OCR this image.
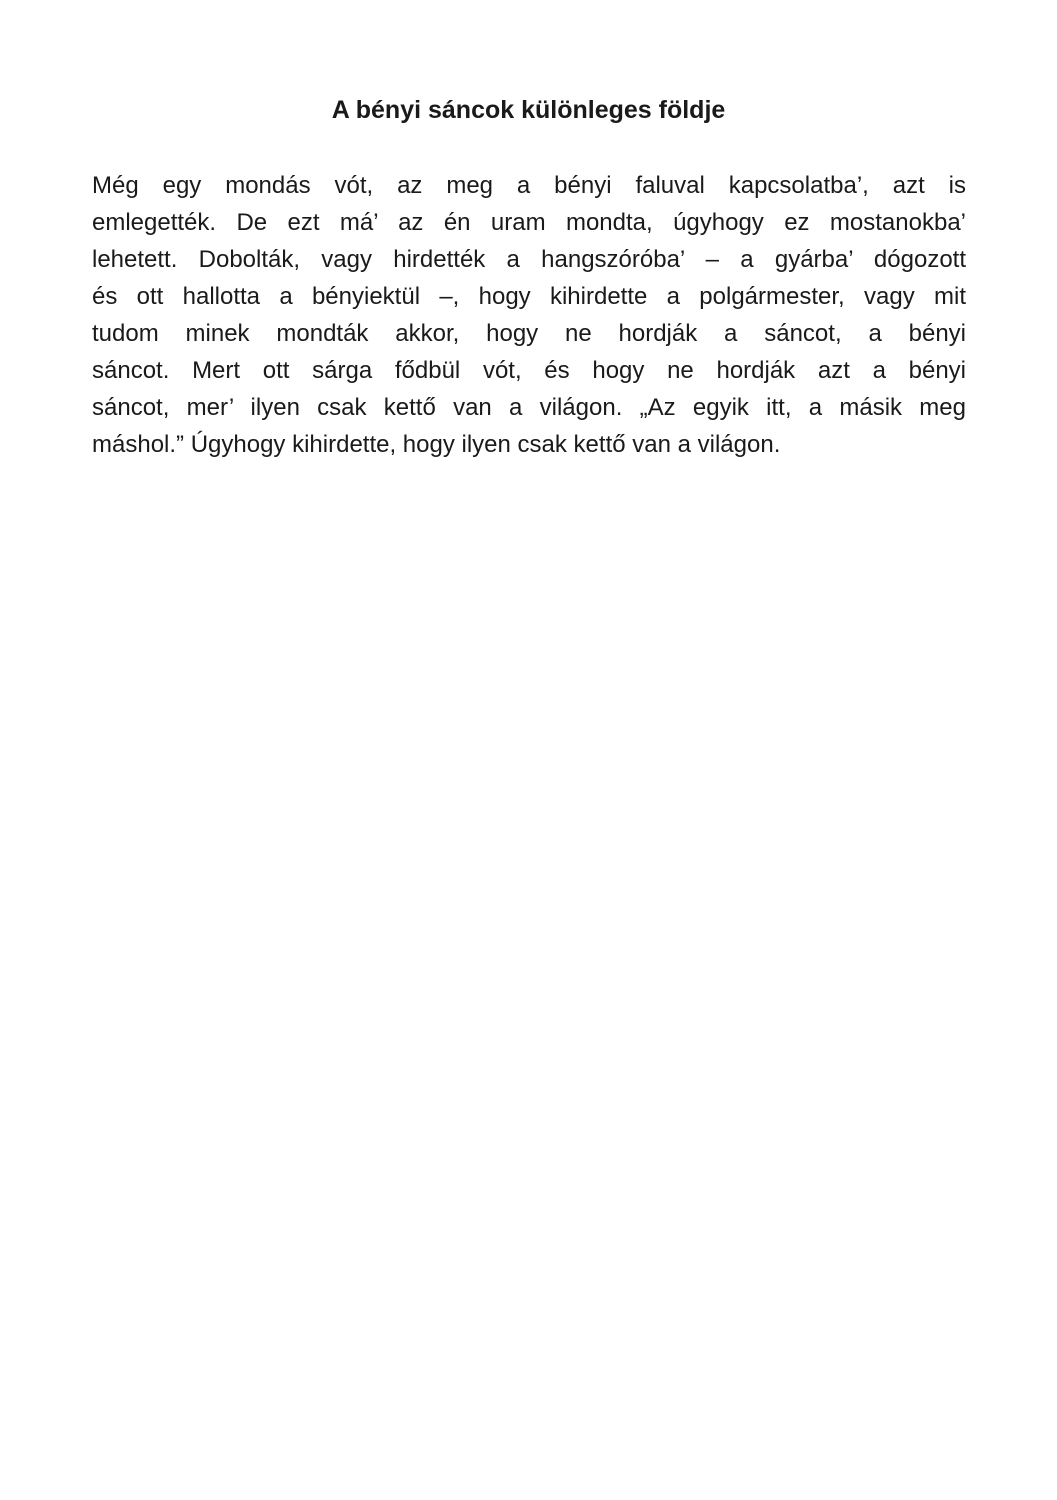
A bényi sáncok különleges földje
Még egy mondás vót, az meg a bényi faluval kapcsolatba’, azt is
emlegették. De ezt má’ az én uram mondta, úgyhogy ez mostanokba’
lehetett. Dobolták, vagy hirdették a hangszóróba’ – a gyárba’ dógozott
és ott hallotta a bényiektül –, hogy kihirdette a polgármester, vagy mit
tudom minek mondták akkor, hogy ne hordják a sáncot, a bényi
sáncot. Mert ott sárga fődbül vót, és hogy ne hordják azt a bényi
sáncot, mer’ ilyen csak kettő van a világon. „Az egyik itt, a másik meg
máshol.” Úgyhogy kihirdette, hogy ilyen csak kettő van a világon.
